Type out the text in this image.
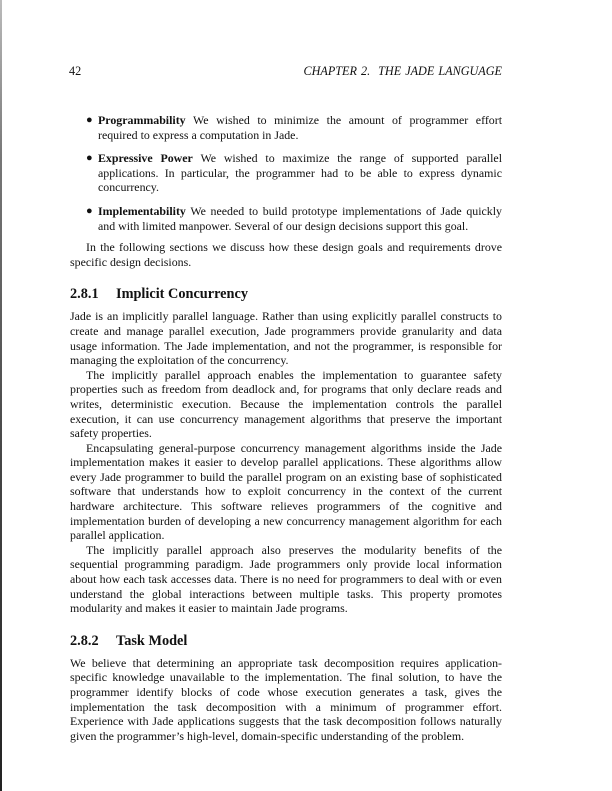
42	CHAPTER 2. THE JADE LANGUAGE
● Programmability We wished to minimize the amount of programmer effort required to express a computation in Jade.
● Expressive Power We wished to maximize the range of supported parallel applications. In particular, the programmer had to be able to express dynamic concurrency.
● Implementability We needed to build prototype implementations of Jade quickly and with limited manpower. Several of our design decisions support this goal.

In the following sections we discuss how these design goals and requirements drove specific design decisions.

2.8.1 Implicit Concurrency

Jade is an implicitly parallel language. Rather than using explicitly parallel constructs to create and manage parallel execution, Jade programmers provide granularity and data usage information. The Jade implementation, and not the programmer, is responsible for managing the exploitation of the concurrency.

The implicitly parallel approach enables the implementation to guarantee safety properties such as freedom from deadlock and, for programs that only declare reads and writes, deterministic execution. Because the implementation controls the parallel execution, it can use concurrency management algorithms that preserve the important safety properties.

Encapsulating general-purpose concurrency management algorithms inside the Jade implementation makes it easier to develop parallel applications. These algorithms allow every Jade programmer to build the parallel program on an existing base of sophisticated software that understands how to exploit concurrency in the context of the current hardware architecture. This software relieves programmers of the cognitive and implementation burden of developing a new concurrency management algorithm for each parallel application.

The implicitly parallel approach also preserves the modularity benefits of the sequential programming paradigm. Jade programmers only provide local information about how each task accesses data. There is no need for programmers to deal with or even understand the global interactions between multiple tasks. This property promotes modularity and makes it easier to maintain Jade programs.

2.8.2 Task Model

We believe that determining an appropriate task decomposition requires application-specific knowledge unavailable to the implementation. The final solution, to have the programmer identify blocks of code whose execution generates a task, gives the implementation the task decomposition with a minimum of programmer effort. Experience with Jade applications suggests that the task decomposition follows naturally given the programmer’s high-level, domain-specific understanding of the problem.
